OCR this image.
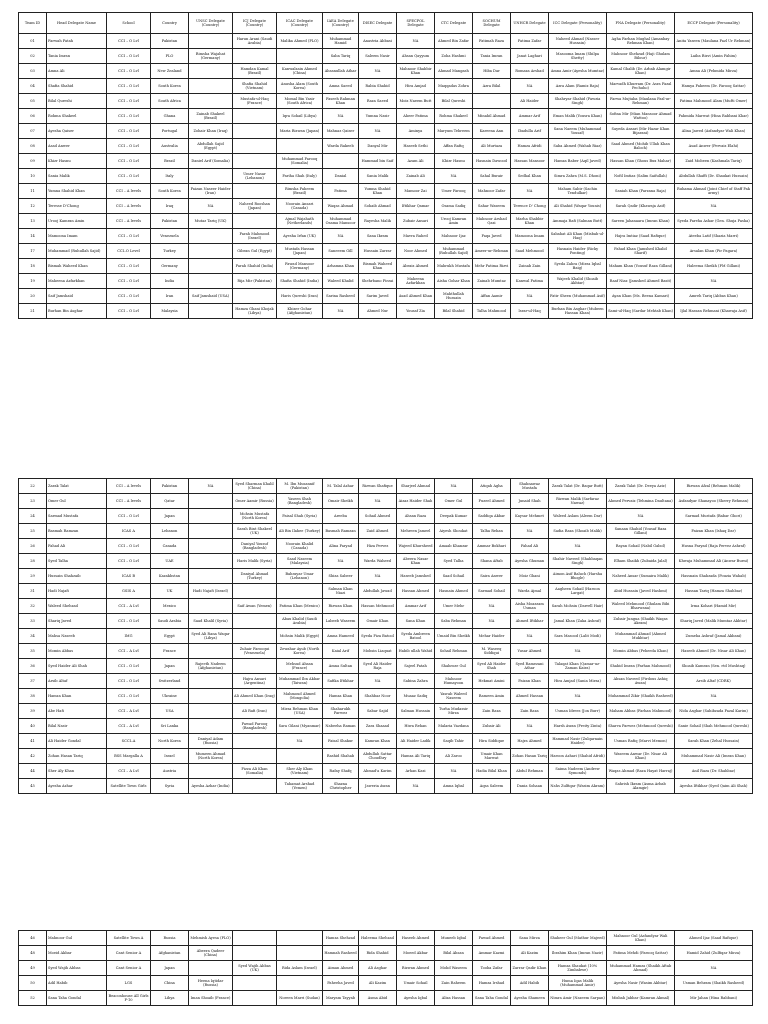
Team ID	Head Delegate Name	School	Country	UNSC Delegate (Country)	ICJ Delegate (Country)	ICAC Delegate (Country)	IAEA Delegate (Country)	DISEC Delegate	SPECPOL Delegate	CTC Delegate	SOCHUM Delegate	UNHCR Delegate	ICC Delegate (Personality)	PNA Delegate (Personality)	ECCP Delegate (Personality)
01	Farwah Fatah	CCI – O Lvl	Pakistan		Harun Arani (Saudi Arabia)	Malika Ahmed (PLO)	Muhammad Hamid	Anastria Abbasi	NA	Ahmed Bin Zafar	Fatimah Raza	Fatima Zafar	Naheed Ahmad (Nasser Hussain)	Agha Farhan Mughal (Amanbay Rehman Khan)	Anita Yaseen (Maulana Fazl Ur Rehman)
02	Tania Imran	CCI – O Lvl	PLO	Rimsha Wajahat (Germany)			Saba Tariq	Saleem Nasir	Ahsan Qayyum	Zoha Hashmi	Tania Imran	Janat Laghari	Masooma Imam (Shilpa Shetty)	Mahnoor Shehzad (Haji Ghulam Bilour)	Laiba Rizvi (Amin Fahim)
03	Amna Ali	CCI – O Lvl	New Zealand		Hamdan Kamal (Brazil)	Kanwalzain Ahmed (China)	Ahsanullah Athar	NA	Mahnoor Shabbir Khan	Ahmad Mangash	Hiba Dar	Romaza Arshad	Amna Amir (Ayesha Mumtaz)	Kamal Ghalib (Dr. Arbab Alamgir Khan)	Amna Ali (Fehmida Mirza)
04	Shafia Shahid	CCI – O Lvl	South Korea		Shafia Shahid (Vietnam)	Anusha Alam (South Korea)	Amna Saeed	Rabia Shahid	Hira Amjad	Maqqadas Zohra	Azra Bilal	NA	Azra Alam (Ramiz Raja)	Marvadh Khurram (Dr. Asra Fazal Pechuho)	Hamya Faheem (Dr. Farooq Sattar)
05	Bilal Qureshi	CCI – O Lvl	South Africa		Mustafa-ul-Haq (France)	Momal Bin Yasir (South Africa)	Faseeh Rahman Khan	Raza Saeed	Moiz Naeem Butt	Bilal Qureshi		Ali Haider	Shahryar Shahid (Fawzia Singh)	Farwa Mujtaba (Maulana Fazl-ur-Rehman)	Fatima Mahmood Alam (Mufti Omer)
06	Rohma Shakeel	CCI – O Lvl	Ghana	Zainab Shakeel (Brazil)		Iqra Sohail (Libya)	NA	Yumna Nasir	Aheer Fatima	Rohma Shakeel	Minahil Ahmad	Ammar Arif	Eman Malik (Yousra Khan)	Sofina Mir (Mian Mansoor Ahmad Wattoo)	Fahmida Marwat (Hina Rabbani Khar)
07	Ayesha Qaiser	CCI – O Lvl	Portugal	Zohair Khan (Iraq)		Maria Rizwan (Japan)	Mahnaz Qaiser	NA	Aminya	Maryum Tehreem	Kareena Ann	Ibadulla Arif	Sana Naeem (Muhammad Yousaf)	Sayeda Ansari (Mir Hazar Khan Bijarani)	Alina Jawed (Asfandyar Wali Khan)
08	Asad Anwer	CCI – O Lvl	Australia	Abdullah Sajid (Egypt)			Warda Rakeeb	Danyal Mir	Haseeb Sethi	Affan Rafiq	Ali Murtaza	Hamza Afridi	Saba Ahmed (Wahab Riaz)	Saad Ahmed (Mohib Ullah Khan Baloch)	Asad Anwer (Pervaiz Elahi)
09	Khizr Hasnu	CCI – O Lvl	Brazil	Daniel Arif (Somalia)		Muhammad Farooq (Somalia)		Hammad bin Saif	Azam Ali	Khizr Hasnu	Hasnain Dawood	Hassan Mansoor	Hamza Baber (Aqil Javed)	Hassan Khan (Ghous Bux Mahar)	Zaid Mobeen (Kashmala Tariq)
10	Sania Malik	CCI – O Lvl	Italy		Umer Nasar (Lebanon)	Fariha Shah (Italy)	Danial	Sania Malik	Zainab Ali	NA	Sahal Burair	Sedhal Khan	Simra Zahra (M.S. Dhoni)	Nofil Imtiaz (Salim Saifullah)	Abdullah Shaffi (Dr. Shaukat Hussain)
11	Yumna Shahid Khan	CCI – A levels	South Korea	Faizan Naseer Haider (Iran)		Rimsha Faheem (Brazil)	Fatima	Yumna Shahid Khan	Mamoor Zai	Umer Farooq	Mahnoor Zafar	NA	Maham Sabir (Sachin Tendulkar)	Saniah Khan (Farzana Raja)	Ruhama Ahmad (Joint Chief of Staff Pak army)
12	Teresse D'Chong	CCI – A levels	Iraq	NA	Naheed Rooshan (Japan)	Noorain Ansari (Canada)	Waqas Ahmad	Sohaib Ahmad	Iftikhar Qamar	Osama Sadiq	Sahar Waseem	Terence D' Chong	Ali Shahid (Waqar Younis)	Sarah Qadir (Khawaja Asif)	NA
13	Urooj Kamran Amin	CCI – A levels	Pakistan	Mutaz Tariq (UK)		Ajmal Wajahath (Netherlands)	Muhammad Osama Mansoor	Rayesha Malik	Zubair Ansari	Urooj Kamran Amin	Mahnoor Arshad Qazi	Marha Shabbir Khan	Ammaja Rafi (Salman Butt)	Sareen Jahanaara (Imran Khan)	Syeda Fareha Ashar (Gen. Shuja Pasha)
14	Mamoona Imam	CCI – O Lvl	Venezuela		Farah Mahmood (Israel)	Ayesha Irfan (UK)	NA	Sana Ikram	Mavra Rahed	Mahnoor Ijaz	Faqa Javed	Mamoona Imam	Sabahat Ali Khan (Misbah-ul-Haq)	Hajra Imtiaz (Saad Rafique)	Ateeba Latif (Shazia Marri)
17	Muhammad (Ruhullah Sajid)	CCI–O Level	Turkey		Gibran Gul (Egypt)	Mustafa Hassan (Japan)	Saneeem Gill	Hussain Zarrar	Noor Ahmed	Muhammad (Ruhullah Sajid)	Ameer-ur-Rehman	Saad Mehmood	Hasnain Haider (Ricky Ponting)	Fahad Khan (Jamshed Khalid Sharif)	Arsalan Khan (Pir Pagara)
18	Bismah Waheed Khan	CCI – O Lvl	Germany		Farah Shahid (India)	Fawad Mansoor (Germany)	Arhamna Khan	Bismah Waheed Khan	Abraiz Ahmed	Mahrukh Mustafa	Mehr Fatima Rizvi	Zainab Zain	Syeda Zahra (Mirza Iqbal Baig)	Maham Khan (Yousuf Raza Gillani)	Haleema Sheikh (PM Gillani)
19	Maheena Azfarkhan	CCI – O Lvl	India		Rija Mir (Pakistan)	Shafia Shahid (India)	Waleed Khalid	Shehrbano Firzai	Maheena Azfarkhan	Aisha Gohar Khan	Zainab Mumtaz	Kanwal Fatima	Wajeeh Khalid (Shoaib Akhtar)	Raaf Niaz (Jamshed Ahmed Basit)	NA
20	Saif Jamshaid	CCI – O Lvl	Iran	Saif Jamshaid (USA)		Haris Qureshi (Iran)	Sarina Rasheed	Sarim Javed	Asad Ahmed Khan	Mahthullah Hussain	Affan Aamir	NA	Fatir Sheen (Muhammad Asif)	Ayan Khan (Ms. Beena Kamari)	Amreh Tariq (Abbas Khan)
21	Burhan Bin Asghar	CCI – O Lvl	Malaysia		Hamza Ghani Khojak (Libya)	Khizer Gohar (Afghanistan)	NA	Ahmed Nur	Yousaf Zia	Bilal Shahid	Talha Mahmood	Israr-ul-Haq	Burhan Bin Asghar (Mubeen Hassan Khan)	Sami-ul-Haq (Sardar Mehtab Khan)	Ijlal Hassan Rehmani (Khawaja Asif)
22	Zarak Talat	CCI – A levels	Pakistan	NA	Syed Sharman Khalil (China)	M. Ibn Musannif (Pakistan)	M. Talal Azhar	Rizwan Shafique	Sharjeel Ahmad	NA	Atiqah Agha	Shahnawaz Mustafa	Zarak Talat (Dr. Baqar Butt)	Zarak Talat (Dr. Deeya Aziz)	Rizwan Afzal (Rehman Malik)
23	Omer Gul	CCI – A levels	Qatar		Omer Aamir (Russia)	Yaseen Shah (Bangladesh)	Omair Sheikh	NA	Aizaz Haider Shah	Omer Gul	Fuzeel Ahmed	Junaid Shah	Rizwan Malik (Sarfaraz Nawaz)	Ahmed Pervaiz (Tehmina Daultana)	Asfandyar Shanayoo (Sherry Rehman)
24	Sarmad Mustafa	CCI – O Lvl	Japan		Mohsin Mustafa (North Korea)	Faisal Shah (Syria)	Areeba	Sohail Ahmed	Ahsan Raza	Deepak Kumar	Saddiqa Akbar	Kaysar Mehmet	Waleed Aslam (Aleem Dar)	NA	Sarmad Mustafa (Babar Ghori)
25	Basmah Ramzan	ICAS A	Lebanon		Sarah Bint Shakeel (UK)	Ali Bin Ilahee (Turkey)	Basmah Ramzan	Zaid Ahmed	Mehreen Jameel	Aiyesh Shoukat	Talha Rehan	NA	Sadia Raza (Shoaib Malik)	Sanaan Shahid (Yousaf Raza Gillani)	Faizan Khan (Ishaq Dar)
26	Fahad Ali	CCI – O Lvl	Canada		Daniyal Yousuf (Bangladesh)	Noorain Khalid (Canada)	Alina Faryad	Hiza Pervez	Wajeed Khursheed	Amaab Khanzar	Ammar Bokhari	Fahad Ali	NA	Rayan Sohail (Nabil Gabol)	Husna Faryad (Raja Pervez Ashraf)
28	Syed Talha	CCI – O Lvl	UAE		Haris Malik (Syria)	Saad Naseem (Malaysia)	NA	Warda Waheed	Abeera Nasar Khan	Syed Talha	Shana Aftab	Ayesha Ghuman	Shahir Naveed (Shahbaqan Singh)	Elham Shaikh (Zubaida Jalal)	Khwaja Muhammad Ali (Anwar Burni)
29	Hussain Shahzaib	ICAS B	Kazakhstan		Daniyal Ahmad (Turkey)	Bahrayar Umar (Lebanon)	Shiza Sabeer	NA	Haseeb Jamshed	Saad Sohail	Saira Anwer	Moiz Ghani	Aimon Asif Baluch (Harsha Bhogle)	Naheed Ansar (Sumaira Malik)	Hassnain Shahzada (Fouzia Wahab)
31	Hadi Najafi	GSIS A	UK	Hadi Najafi (Israel)			Salman Khan Niazi	Abdullah Jawad	Hassan Ahmed	Hasnain Ahmed	Sarmad Sohail	Warda Ajmal	Aagheen Sohail (Haroon Largat)	Abid Hussain (Javed Hashmi)	Hassan Tariq (Hamza Shahbaz)
32	Waleed Shehzad	CCI – A Lvl	Mexico		Saif Awan (Yemen)	Fatima Khan (Mexico)	Rizwan Khan	Hassan Mehmood	Ammar Arif	Umer Mehr	NA	Aisha Moazzam Usman	Sarah Mohsin (Darrell Hair)	Waleed Mehmood (Ghulam Bibi Bharwana)	Irma Kohari (Hamid Mir)
33	Shariq Javed	CCI – O Lvl	Saudi Arabia	Saad Khalil (Syria)		Abax Khalid (Saudi Arabia)	Labeeb Waseem	Omair Khan	Sana Khan	Saba Rehman	NA	Ahmed Iftikhar	Jamal Khan (Zaka Ashraf)	Zubair Jungua (Shaikh Waqas Akram)	Shariq Javed (Malik Mumtaz Akhtar)
34	Mahsa Naseeb	IMG	Egypt	Syed Ali Rana Waqar (Libya)		Mohsin Malik (Egypt)	Amna Hameed	Syeda Fiza Batool	Syeda Ambreen Batool	Umaid Bin Sheikh	Mehar Haider	NA	Sara Masood (Lalit Modi)	Muhammad Ahmad (Ahmed Mukhtar)	Zumeha Ashraf (Jamal Akbani)
35	Momin Abbas	CCI – A Lvl	France		Zuhair Farooqui (Venezuela)	Zewahar Ayub (North Korea)	Kaial Arif	Mohsin Liaquat	Habib ullah Wahid	Sohail Rehman	M. Waseeq Siddiqui	Yusar Ahmed	NA	Momin Abbas (Peheeda Khan)	Haseeb Ahmed (Dr. Nisar Ali Khan)
36	Syed Haider Ali Shah	CCI – O Lvl	Japan	Rajeeth Nadeem (Afghanistan)		Mehsud Ahsan (France)	Amna Sultan	Syed Ali Haider Raja	Sajeel Fatah	Shahroze Gul	Syed Ali Haider Shah	Syed Ramezani Athar	Talaqat Khan (Qamar-uz-Zaman Kaira)	Shahid Imran (Farhan Mahmood)	Shoaib Kamran (Sen. rtd Mushtaq)
37	Arsib Altaf	CCI – O Lvl	Switzerland		Hajra Ansari (Argentina)	Muhammad Ibn Akbar (Taiwan)	Safika Iftikhar	NA	Sabina Zahra	Mahnoor Humayoon	Hekmat Amini	Faizan Khan	Hira Amjad (Sania Mirza)	Ahsan Naveed (Firdous Ashiq Awan)	Arsib Altaf (CDRK)
38	Hamza Khan	CCI – O Lvl	Ukraine		Ali Ahmed Khan (Iraq)	Mahmoud Ahmed (Mongolia)	Hamza Khan	Shahbaz Noor	Muaaz Sadiq	Yasrab Waleed Naseem	Rameen Amin	Ahmed Hassan	NA	Muhammad Zikir (Shaikh Rasheed)	NA
39	Abe Hafi	CCI – A Lvl	USA		Ali Rafi (Iran)	Mirza Rehman Khan (USA)	Shaharukh Parwez	Sabar Sajid	Salman Hussain	Turha Mudassir Mirza	Zain Raza	Zain Raza	Usman Idrees (Jon Burr)	Maham Abbas (Farhan Mahmood)	Nida Asghar (Sahibzada Fazal Karim)
40	Bilal Nasir	CCI – A Lvl	Sri Lanka		Fawad Farooq (Bangladesh)	Sara Gilani (Myanmar)	Nabeeha Raman	Zara Shaaad	Hiwa Rehan	Malaria Vazdana	Zubair Ali	NA	Harsh Awan (Preity Zinta)	Sharva Parwez (Mehmood Qureshi)	Sanie Sohail (Shah Mehmood Qureshi)
41	Ali Haider Gondal	SCCI–A	North Korea	Daniyal Adam (Russia)		NA	Faisal Shakur	Kamran Khan	Ali Haider Ladik	Saqib Tahir	Hira Siddique	Hajra Ahmed	Hammad Nasir (Zulqarnain Haider)	Usman Rafiq (Marvi Memon)	Sarah Khan (Zehal Hussain)
42	Zohan Hasan Tariq	BSS Margalla A	Israel	Mumeen Ahmad (North Korea)			Rashid Shahab	Abdullah Sattar Choudhry	Hamza Ali Tariq	Ali Zaroo	Umair Khan Marwat	Zohan Hasan Tariq	Haroon Azhari (Shahid Afridi)	Waseem Anwar (Dr. Nisar Ali Khan)	Muhammad Nasir Ali (Imran Khan)
44	Sher Aly Khan	CCI – A Lvl	Austria		Fizza Ali Khan (Somalia)	Sher Aly Khan (Vietnam)	Rafay Shafq	Ahmad'a Karim	Arhan Kazi	NA	Hadia Bilal Khan	Abdul Rehman	Saima Nadeem (Andrew Symonds)	Waqas Ahmad (Raza Hayat Harraj)	Anil Raza (Dr. Shahbaz)
45	Ayesha Azhar	Satellite Town Girls	Syria	Ayesha Azhar (India)		Tahamat Arshad (Yemen)	Shazna Christopher	Jaweria Awan	NA	Amna Iqbal	Aqsa Saleem	Dania Sohaan	Nahs Zulfiqar (Wasim Akram)	Sahrish Ikram (Asma Arbab Alamgir)	Ayesha Iftikhar (Syed Qaim Ali Shah)
46	Mahnoor Gul	Satellite Town A	Russia	Mehmish Ayesa (PLO)			Hamza Shehzad	Haleema Shehzad	Haseeb Ahmed	Muneeb Iqbal	Fawad Ahmed	Sana Mirza	Shaheer Gul (Mathur Majeed)	Mahnoor Gul (Asfandyar Wali Khan)	Ahmed Ijaz (Saad Rafique)
48	Moeid Akbar	Cant Senior A	Afghanistan	Abeera Qadeer (China)			Hamnah Rasheed	Rida Shahid	Moeed Akbar	Bilal Ahsan	Ammar Kazmi	Ali Kazim	Ibrahim Khan (Imran Nazir)	Fatima Mehdi (Farooq Sattar)	Hamid Zahid (Zulfiqar Mirza)
49	Syed Wajih Abbas	Cant Senior A	Japan		Syed Wajih Abbas (UK)	Rida Aslam (Israel)	Aiman Ahmed	Ali Asghar	Rizwan Ahmed	Mohd Waseem	Tooba Zafar	Zarrar Qadir Khan	Hamza Shaukat (10% Zimbabwe)	Muhammad Hamza (Shaikh Aftab Ahmad)	NA
50	Adil Habib	LGS	China	Heena Iqtidar (Russia)			Faheeha Javed	Ali Kazim	Umair Sohail	Zain Raheem	Hamza Irshad	Adil Habib	Huma Iqas Malik (Muhammad Amir)	Ayesha Nasir (Wasim Akhtar)	Usman Behram (Shaikh Rasheed)
52	Sana Taha Gondal	Beaconhouse All Girls F-10	Libya	Iman Shoaib (France)		Noreen Marri (Sudan)	Maryam Tayyab	Asma Abid	Ayesha Iqbal	Aliza Hassan	Sana Taha Gondal	Ayesha Shameen	Nimra Amir (Nazeem Sarpan)	Misbah Jabbar (Kamran Akmal)	Mir Jahan (Hina Rabbani)
